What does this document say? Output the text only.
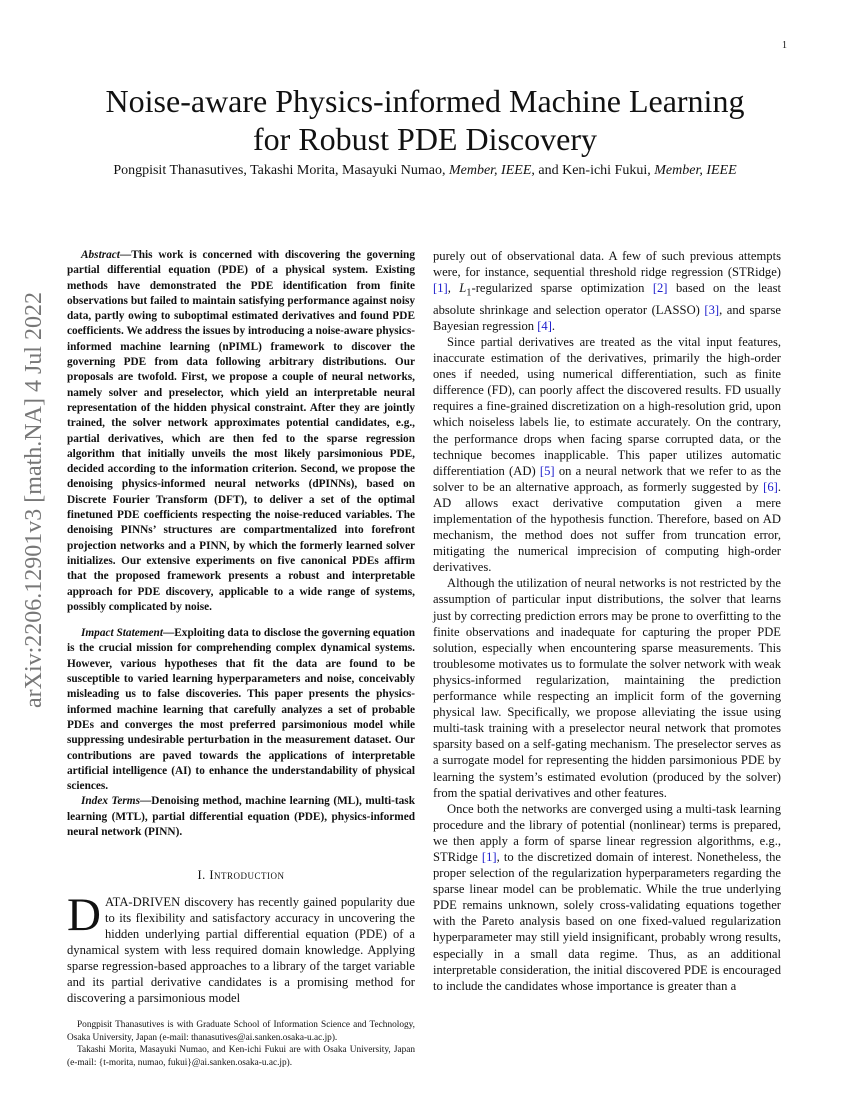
1
arXiv:2206.12901v3 [math.NA] 4 Jul 2022
Noise-aware Physics-informed Machine Learning
for Robust PDE Discovery
Pongpisit Thanasutives, Takashi Morita, Masayuki Numao, Member, IEEE, and Ken-ichi Fukui, Member, IEEE

Abstract—This work is concerned with discovering the governing partial differential equation (PDE) of a physical system. Existing methods have demonstrated the PDE identification from finite observations but failed to maintain satisfying performance against noisy data, partly owing to suboptimal estimated derivatives and found PDE coefficients. We address the issues by introducing a noise-aware physics-informed machine learning (nPIML) framework to discover the governing PDE from data following arbitrary distributions. Our proposals are twofold. First, we propose a couple of neural networks, namely solver and preselector, which yield an interpretable neural representation of the hidden physical constraint. After they are jointly trained, the solver network approximates potential candidates, e.g., partial derivatives, which are then fed to the sparse regression algorithm that initially unveils the most likely parsimonious PDE, decided according to the information criterion. Second, we propose the denoising physics-informed neural networks (dPINNs), based on Discrete Fourier Transform (DFT), to deliver a set of the optimal finetuned PDE coefficients respecting the noise-reduced variables. The denoising PINNs’ structures are compartmentalized into forefront projection networks and a PINN, by which the formerly learned solver initializes. Our extensive experiments on five canonical PDEs affirm that the proposed framework presents a robust and interpretable approach for PDE discovery, applicable to a wide range of systems, possibly complicated by noise.

Impact Statement—Exploiting data to disclose the governing equation is the crucial mission for comprehending complex dynamical systems. However, various hypotheses that fit the data are found to be susceptible to varied learning hyperparameters and noise, conceivably misleading us to false discoveries. This paper presents the physics-informed machine learning that carefully analyzes a set of probable PDEs and converges the most preferred parsimonious model while suppressing undesirable perturbation in the measurement dataset. Our contributions are paved towards the applications of interpretable artificial intelligence (AI) to enhance the understandability of physical sciences.

Index Terms—Denoising method, machine learning (ML), multi-task learning (MTL), partial differential equation (PDE), physics-informed neural network (PINN).

I. Introduction

DATA-DRIVEN discovery has recently gained popularity due to its flexibility and satisfactory accuracy in uncovering the hidden underlying partial differential equation (PDE) of a dynamical system with less required domain knowledge. Applying sparse regression-based approaches to a library of the target variable and its partial derivative candidates is a promising method for discovering a parsimonious model

Pongpisit Thanasutives is with Graduate School of Information Science and Technology, Osaka University, Japan (e-mail: thanasutives@ai.sanken.osaka-u.ac.jp).

Takashi Morita, Masayuki Numao, and Ken-ichi Fukui are with Osaka University, Japan (e-mail: {t-morita, numao, fukui}@ai.sanken.osaka-u.ac.jp).

purely out of observational data. A few of such previous attempts were, for instance, sequential threshold ridge regression (STRidge) [1], $L_1$-regularized sparse optimization [2] based on the least absolute shrinkage and selection operator (LASSO) [3], and sparse Bayesian regression [4].

Since partial derivatives are treated as the vital input features, inaccurate estimation of the derivatives, primarily the high-order ones if needed, using numerical differentiation, such as finite difference (FD), can poorly affect the discovered results. FD usually requires a fine-grained discretization on a high-resolution grid, upon which noiseless labels lie, to estimate accurately. On the contrary, the performance drops when facing sparse corrupted data, or the technique becomes inapplicable. This paper utilizes automatic differentiation (AD) [5] on a neural network that we refer to as the solver to be an alternative approach, as formerly suggested by [6]. AD allows exact derivative computation given a mere implementation of the hypothesis function. Therefore, based on AD mechanism, the method does not suffer from truncation error, mitigating the numerical imprecision of computing high-order derivatives.

Although the utilization of neural networks is not restricted by the assumption of particular input distributions, the solver that learns just by correcting prediction errors may be prone to overfitting to the finite observations and inadequate for capturing the proper PDE solution, especially when encountering sparse measurements. This troublesome motivates us to formulate the solver network with weak physics-informed regularization, maintaining the prediction performance while respecting an implicit form of the governing physical law. Specifically, we propose alleviating the issue using multi-task training with a preselector neural network that promotes sparsity based on a self-gating mechanism. The preselector serves as a surrogate model for representing the hidden parsimonious PDE by learning the system’s estimated evolution (produced by the solver) from the spatial derivatives and other features.

Once both the networks are converged using a multi-task learning procedure and the library of potential (nonlinear) terms is prepared, we then apply a form of sparse linear regression algorithms, e.g., STRidge [1], to the discretized domain of interest. Nonetheless, the proper selection of the regularization hyperparameters regarding the sparse linear model can be problematic. While the true underlying PDE remains unknown, solely cross-validating equations together with the Pareto analysis based on one fixed-valued regularization hyperparameter may still yield insignificant, probably wrong results, especially in a small data regime. Thus, as an additional interpretable consideration, the initial discovered PDE is encouraged to include the candidates whose importance is greater than a
